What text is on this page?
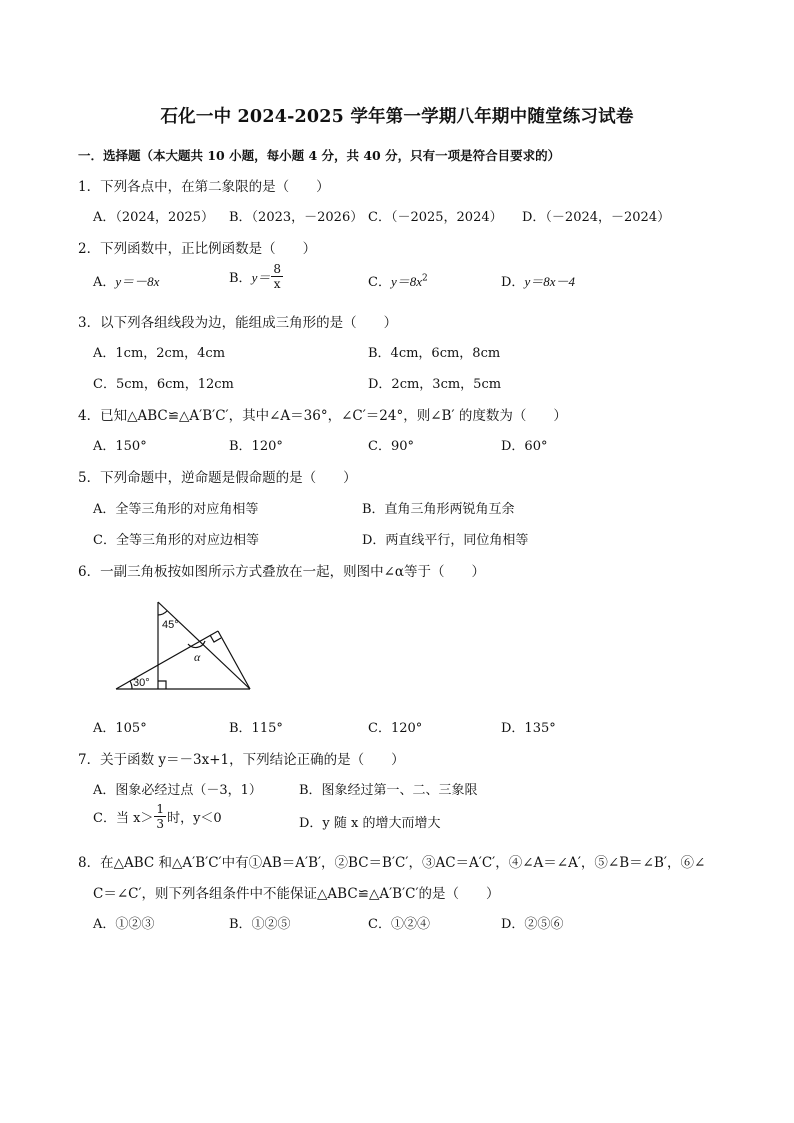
石化一中 2024-2025 学年第一学期八年期中随堂练习试卷
一．选择题（本大题共 10 小题，每小题 4 分，共 40 分，只有一项是符合目要求的）
1．下列各点中，在第二象限的是（　　）
A．（2024，2025） B．（2023，－2026） C．（－2025，2024） D．（－2024，－2024）
2．下列函数中，正比例函数是（　　）
A．y＝－8x	B．$y= \frac{8}{x}$	C．$y=8x^2$	D．y＝8x－4
3．以下列各组线段为边，能组成三角形的是（　　）
A．1cm，2cm，4cm	B．4cm，6cm，8cm
C．5cm，6cm，12cm	D．2cm，3cm，5cm
4．已知△ABC≌△A′B′C′，其中∠A＝36°，∠C′＝24°，则∠B′ 的度数为（　　）
A．150°	B．120°	C．90°	D．60°
5．下列命题中，逆命题是假命题的是（　　）
A．全等三角形的对应角相等	B．直角三角形两锐角互余
C．全等三角形的对应边相等	D．两直线平行，同位角相等
6．一副三角板按如图所示方式叠放在一起，则图中∠α等于（　　）
45°
α
30°
A．105°	B．115°	C．120°	D．135°
7．关于函数 y＝－3x+1，下列结论正确的是（　　）
A．图象必经过点（－3，1）	B．图象经过第一、二、三象限
C．当 $x> \frac{1}{3}$ 时，y＜0	D．y 随 x 的增大而增大
8．在△ABC 和△A′B′C′中有①AB＝A′B′，②BC＝B′C′，③AC＝A′C′，④∠A＝∠A′，⑤∠B＝∠B′，⑥∠
C＝∠C′，则下列各组条件中不能保证△ABC≌△A′B′C′的是（　　）
A．①②③	B．①②⑤	C．①②④	D．②⑤⑥
